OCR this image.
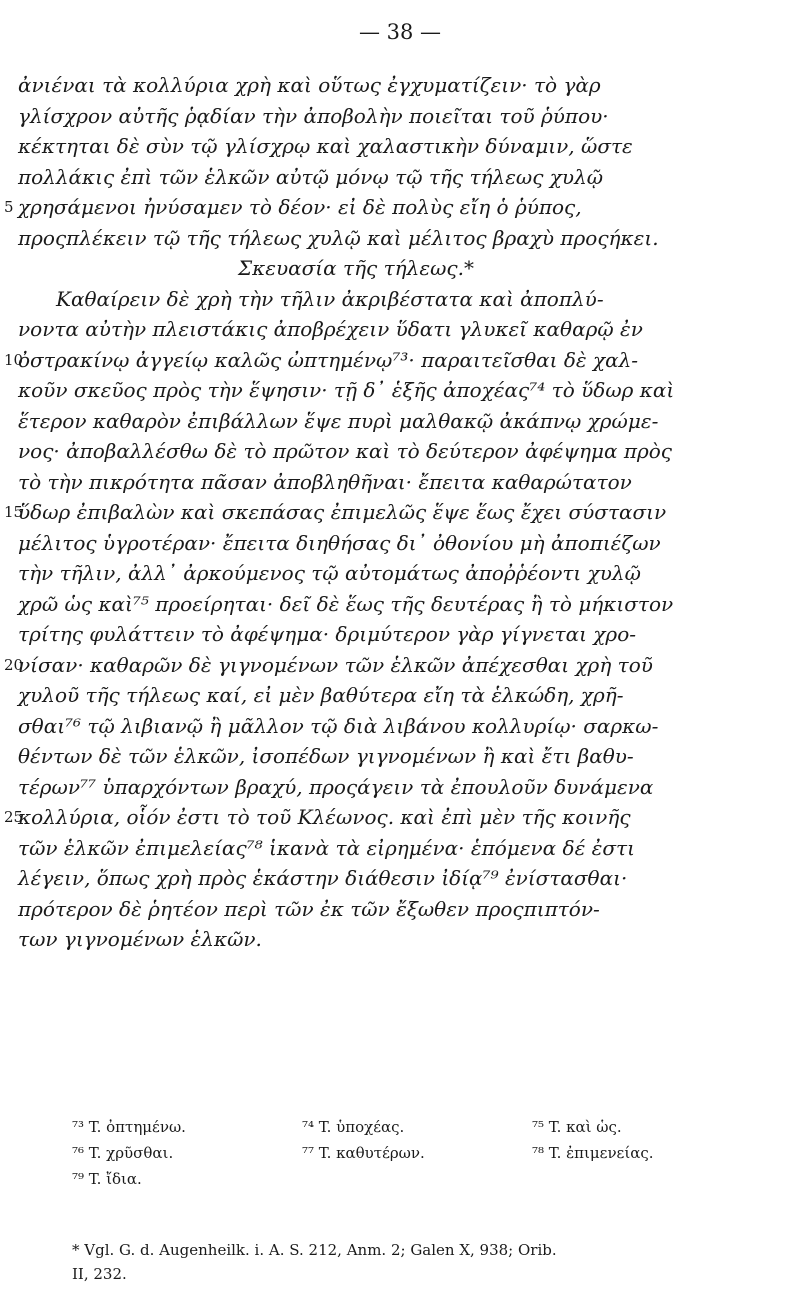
— 38 —
ἀνιέναι τὰ κολλύρια χρὴ καὶ οὕτως ἐγχυματίζειν· τὸ γὰρ
γλίσχρον αὐτῆς ῥᾳδίαν τὴν ἀποβολὴν ποιεῖται τοῦ ῥύπου·
κέκτηται δὲ σὺν τῷ γλίσχρῳ καὶ χαλαστικὴν δύναμιν, ὥστε
πολλάκις ἐπὶ τῶν ἑλκῶν αὐτῷ μόνῳ τῷ τῆς τήλεως χυλῷ
5 χρησάμενοι ἠνύσαμεν τὸ δέον· εἰ δὲ πολὺς εἴη ὁ ῥύπος,
προςπλέκειν τῷ τῆς τήλεως χυλῷ καὶ μέλιτος βραχὺ προςήκει.
Σκευασία τῆς τήλεως.*
Καθαίρειν δὲ χρὴ τὴν τῆλιν ἀκριβέστατα καὶ ἀποπλύ-
νοντα αὐτὴν πλειστάκις ἀποβρέχειν ὕδατι γλυκεῖ καθαρῷ ἐν
10
ὀστρακίνῳ ἀγγείῳ καλῶς ὠπτημένῳ⁷³· παραιτεῖσθαι δὲ χαλ-
κοῦν σκεῦος πρὸς τὴν ἕψησιν· τῇ δ᾽ ἑξῆς ἀποχέας⁷⁴ τὸ ὕδωρ καὶ
ἕτερον καθαρὸν ἐπιβάλλων ἕψε πυρὶ μαλθακῷ ἀκάπνῳ χρώμε-
νος· ἀποβαλλέσθω δὲ τὸ πρῶτον καὶ τὸ δεύτερον ἀφέψημα πρὸς
τὸ τὴν πικρότητα πᾶσαν ἀποβληθῆναι· ἔπειτα καθαρώτατον
15
ὕδωρ ἐπιβαλὼν καὶ σκεπάσας ἐπιμελῶς ἕψε ἕως ἔχει σύστασιν
μέλιτος ὑγροτέραν· ἔπειτα διηθήσας δι᾽ ὀθονίου μὴ ἀποπιέζων
τὴν τῆλιν, ἀλλ᾽ ἀρκούμενος τῷ αὐτομάτως ἀποῤῥέοντι χυλῷ
χρῶ ὡς καὶ⁷⁵ προείρηται· δεῖ δὲ ἕως τῆς δευτέρας ἢ τὸ μήκιστον
τρίτης φυλάττειν τὸ ἀφέψημα· δριμύτερον γὰρ γίγνεται χρο-
20
νίσαν· καθαρῶν δὲ γιγνομένων τῶν ἑλκῶν ἀπέχεσθαι χρὴ τοῦ
χυλοῦ τῆς τήλεως καί, εἰ μὲν βαθύτερα εἴη τὰ ἑλκώδη, χρῆ-
σθαι⁷⁶ τῷ λιβιανῷ ἢ μᾶλλον τῷ διὰ λιβάνου κολλυρίῳ· σαρκω-
θέντων δὲ τῶν ἑλκῶν, ἰσοπέδων γιγνομένων ἢ καὶ ἔτι βαθυ-
τέρων⁷⁷ ὑπαρχόντων βραχύ, προςάγειν τὰ ἐπουλοῦν δυνάμενα
25
κολλύρια, οἷόν ἐστι τὸ τοῦ Κλέωνος. καὶ ἐπὶ μὲν τῆς κοινῆς
τῶν ἑλκῶν ἐπιμελείας⁷⁸ ἱκανὰ τὰ εἰρημένα· ἑπόμενα δέ ἐστι
λέγειν, ὅπως χρὴ πρὸς ἑκάστην διάθεσιν ἰδίᾳ⁷⁹ ἐνίστασθαι·
πρότερον δὲ ῥητέον περὶ τῶν ἐκ τῶν ἔξωθεν προςπιπτόν-
των γιγνομένων ἑλκῶν.
⁷³ T. ὀπτημένω.	⁷⁴ T. ὑποχέας.	⁷⁵ T. καὶ ὡς.
⁷⁶ T. χρῦσθαι.	⁷⁷ T. καθυτέρων.	⁷⁸ T. ἐπιμενείας.
⁷⁹ T. ἴδια.
* Vgl. G. d. Augenheilk. i. A. S. 212, Anm. 2; Galen X, 938; Orib.
II, 232.
